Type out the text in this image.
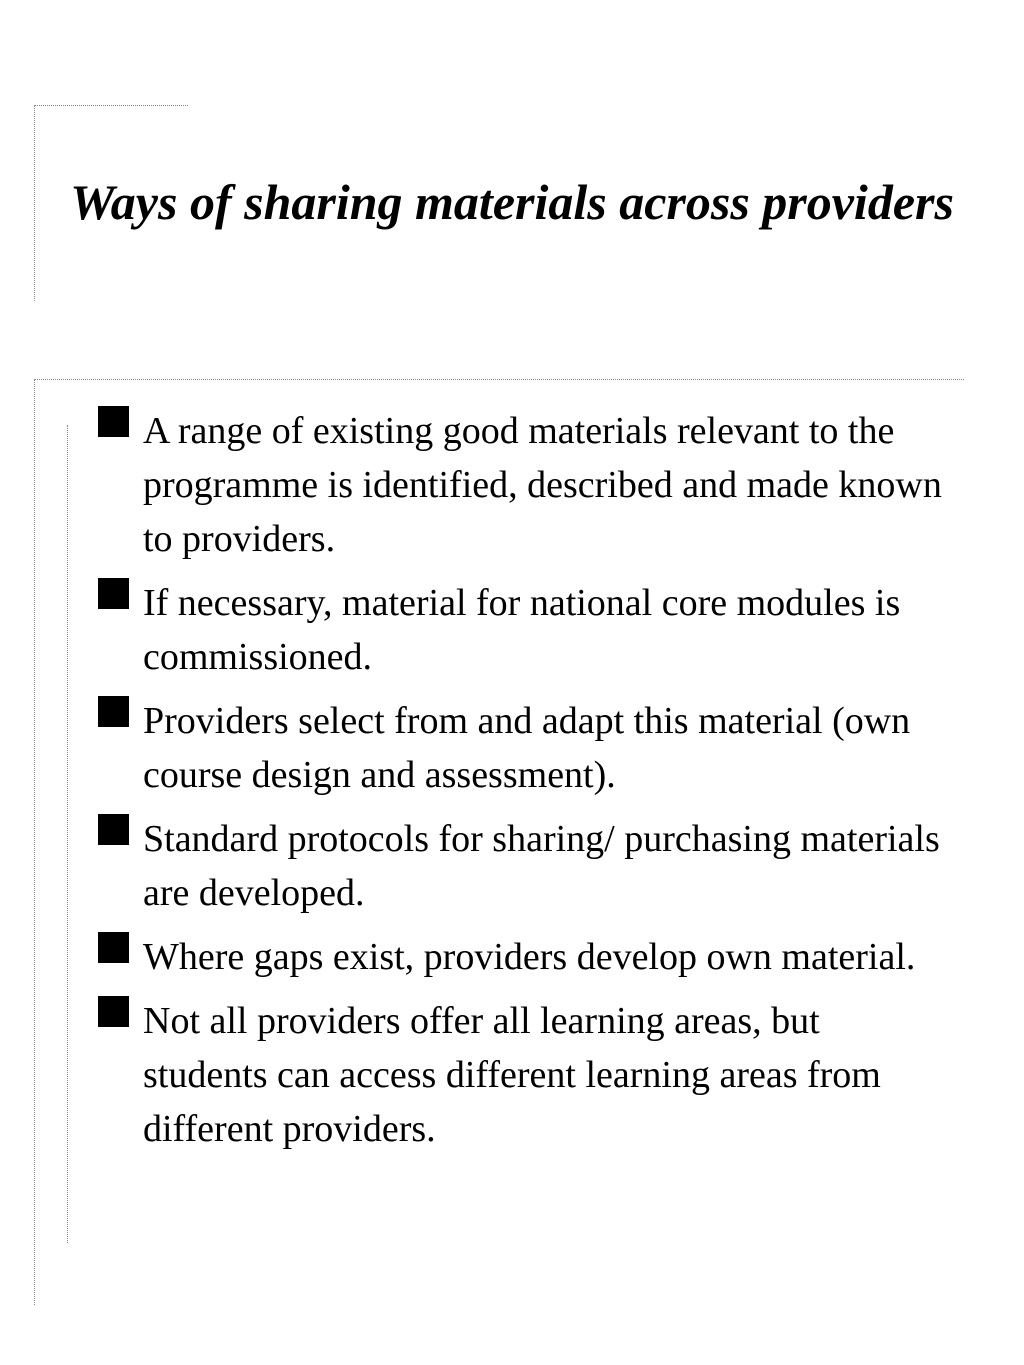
Ways of sharing materials across providers
A range of existing good materials relevant to the programme is identified, described and made known to providers.
If necessary, material for national core modules is commissioned.
Providers select from and adapt this material (own course design and assessment).
Standard protocols for sharing/ purchasing materials are developed.
Where gaps exist, providers develop own material.
Not all providers offer all learning areas, but students can access different learning areas from different providers.
